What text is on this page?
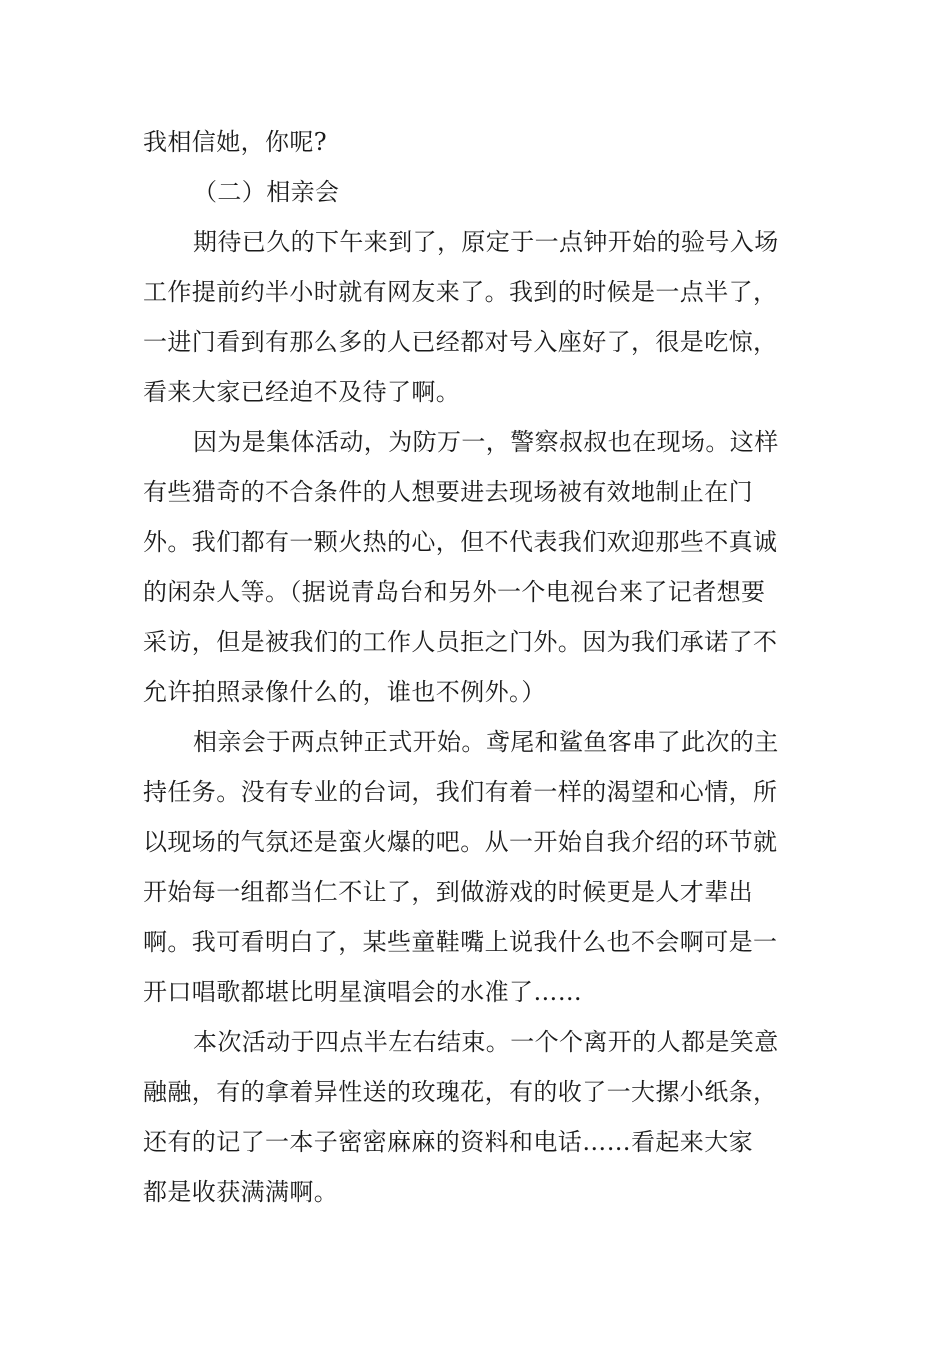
我相信她，你呢?

（二）相亲会

期待已久的下午来到了，原定于一点钟开始的验号入场

工作提前约半小时就有网友来了。我到的时候是一点半了，

一进门看到有那么多的人已经都对号入座好了，很是吃惊，

看来大家已经迫不及待了啊。

因为是集体活动，为防万一，警察叔叔也在现场。这样

有些猎奇的不合条件的人想要进去现场被有效地制止在门

外。我们都有一颗火热的心，但不代表我们欢迎那些不真诚

的闲杂人等。（据说青岛台和另外一个电视台来了记者想要

采访，但是被我们的工作人员拒之门外。因为我们承诺了不

允许拍照录像什么的，谁也不例外。）

相亲会于两点钟正式开始。鸢尾和鲨鱼客串了此次的主

持任务。没有专业的台词，我们有着一样的渴望和心情，所

以现场的气氛还是蛮火爆的吧。从一开始自我介绍的环节就

开始每一组都当仁不让了，到做游戏的时候更是人才辈出

啊。我可看明白了，某些童鞋嘴上说我什么也不会啊可是一

开口唱歌都堪比明星演唱会的水准了……

本次活动于四点半左右结束。一个个离开的人都是笑意

融融，有的拿着异性送的玫瑰花，有的收了一大摞小纸条，

还有的记了一本子密密麻麻的资料和电话……看起来大家

都是收获满满啊。
